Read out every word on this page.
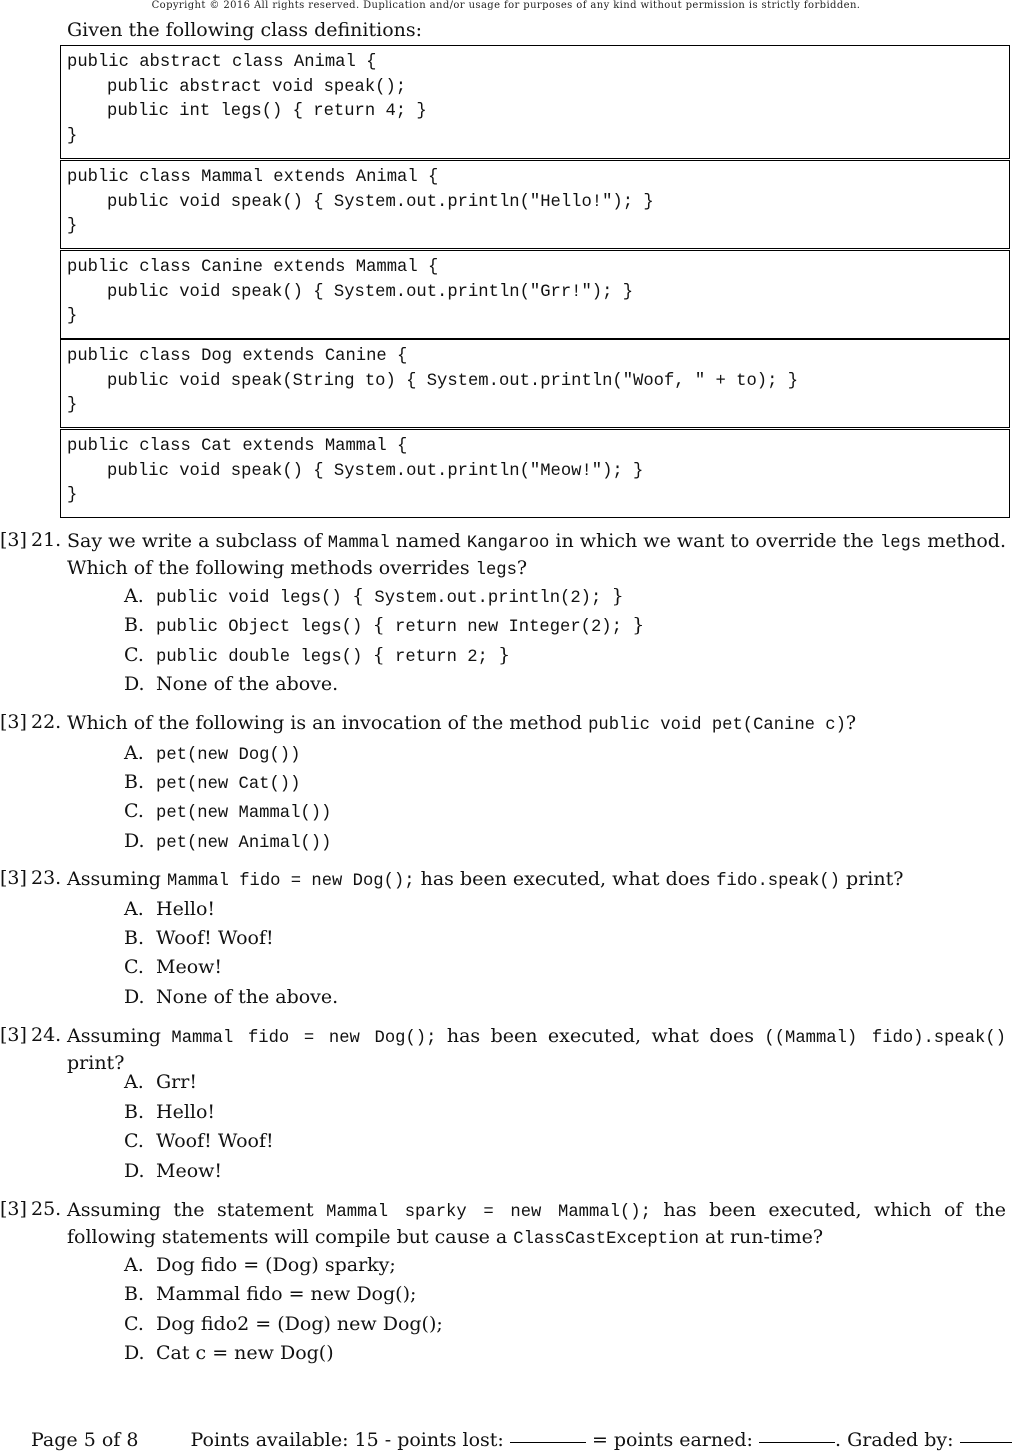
Copyright © 2016 All rights reserved. Duplication and/or usage for purposes of any kind without permission is strictly forbidden.
Given the following class definitions:
public abstract class Animal {
public abstract void speak();
public int legs() { return 4; }
}
public class Mammal extends Animal {
public void speak() { System.out.println("Hello!"); }
}
public class Canine extends Mammal {
public void speak() { System.out.println("Grr!"); }
}
public class Dog extends Canine {
public void speak(String to) { System.out.println("Woof, " + to); }
}
public class Cat extends Mammal {
public void speak() { System.out.println("Meow!"); }
}
[3] 21. Say we write a subclass of Mammal named Kangaroo in which we want to override the legs method. Which of the following methods overrides legs?
A. public void legs() { System.out.println(2); }
B. public Object legs() { return new Integer(2); }
C. public double legs() { return 2; }
D. None of the above.
[3] 22. Which of the following is an invocation of the method public void pet(Canine c)?
A. pet(new Dog())
B. pet(new Cat())
C. pet(new Mammal())
D. pet(new Animal())
[3] 23. Assuming Mammal fido = new Dog(); has been executed, what does fido.speak() print?
A. Hello!
B. Woof! Woof!
C. Meow!
D. None of the above.
[3] 24. Assuming Mammal fido = new Dog(); has been executed, what does ((Mammal) fido).speak() print?
A. Grr!
B. Hello!
C. Woof! Woof!
D. Meow!
[3] 25. Assuming the statement Mammal sparky = new Mammal(); has been executed, which of the following statements will compile but cause a ClassCastException at run-time?
A. Dog fido = (Dog) sparky;
B. Mammal fido = new Dog();
C. Dog fido2 = (Dog) new Dog();
D. Cat c = new Dog()
Page 5 of 8	Points available: 15 - points lost:	= points earned:	. Graded by:
